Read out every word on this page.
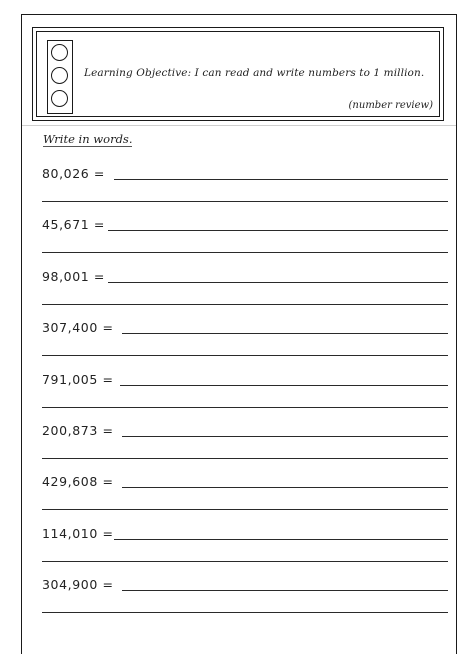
Learning Objective: I can read and write numbers to 1 million.
(number review)
Write in words.
80,026 =
45,671 =
98,001 =
307,400 =
791,005 =
200,873 =
429,608 =
114,010 =
304,900 =
